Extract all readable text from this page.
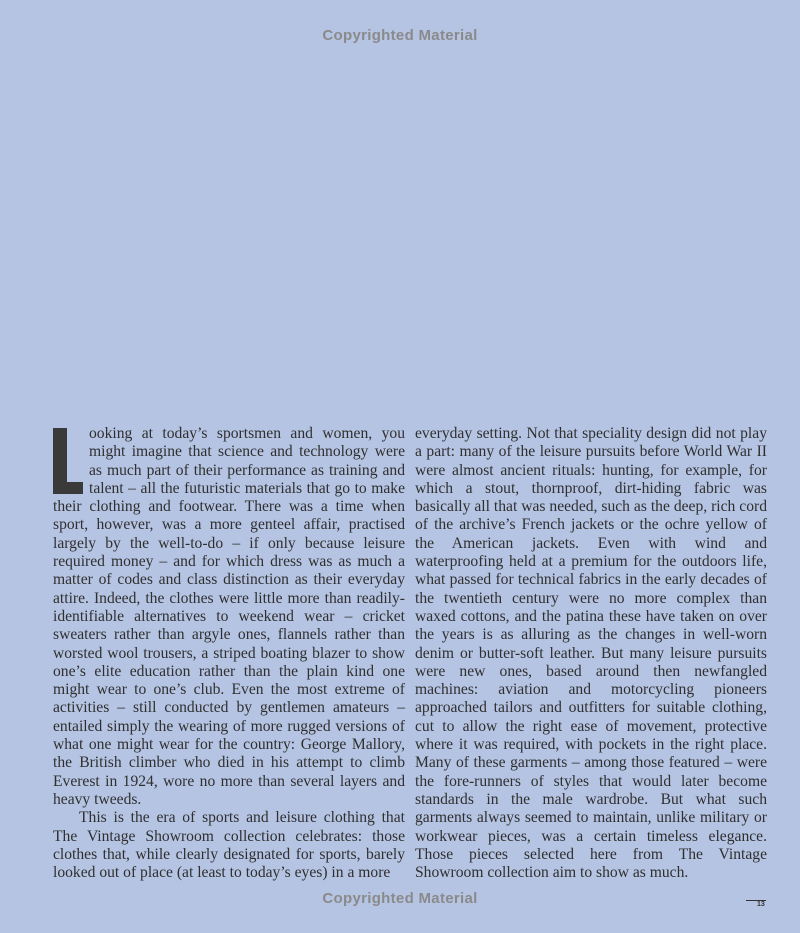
Copyrighted Material

ooking at today’s sportsmen and women, you might imagine that science and technology were as much part of their performance as training and talent – all the futuristic materials that go to make their clothing and footwear. There was a time when sport, however, was a more genteel affair, practised largely by the well-to-do – if only because leisure required money – and for which dress was as much a matter of codes and class distinction as their everyday attire. Indeed, the clothes were little more than readily-identifiable alternatives to weekend wear – cricket sweaters rather than argyle ones, flannels rather than worsted wool trousers, a striped boating blazer to show one’s elite education rather than the plain kind one might wear to one’s club. Even the most extreme of activities – still conducted by gentlemen amateurs – entailed simply the wearing of more rugged versions of what one might wear for the country: George Mallory, the British climber who died in his attempt to climb Everest in 1924, wore no more than several layers and heavy tweeds.

This is the era of sports and leisure clothing that The Vintage Showroom collection celebrates: those clothes that, while clearly designated for sports, barely looked out of place (at least to today’s eyes) in a more

everyday setting. Not that speciality design did not play a part: many of the leisure pursuits before World War II were almost ancient rituals: hunting, for example, for which a stout, thornproof, dirt-hiding fabric was basically all that was needed, such as the deep, rich cord of the archive’s French jackets or the ochre yellow of the American jackets. Even with wind and waterproofing held at a premium for the outdoors life, what passed for technical fabrics in the early decades of the twentieth century were no more complex than waxed cottons, and the patina these have taken on over the years is as alluring as the changes in well-worn denim or butter-soft leather. But many leisure pursuits were new ones, based around then newfangled machines: aviation and motorcycling pioneers approached tailors and outfitters for suitable clothing, cut to allow the right ease of movement, protective where it was required, with pockets in the right place. Many of these garments – among those featured – were the fore-runners of styles that would later become standards in the male wardrobe. But what such garments always seemed to maintain, unlike military or workwear pieces, was a certain timeless elegance. Those pieces selected here from The Vintage Showroom collection aim to show as much.

Copyrighted Material	13
